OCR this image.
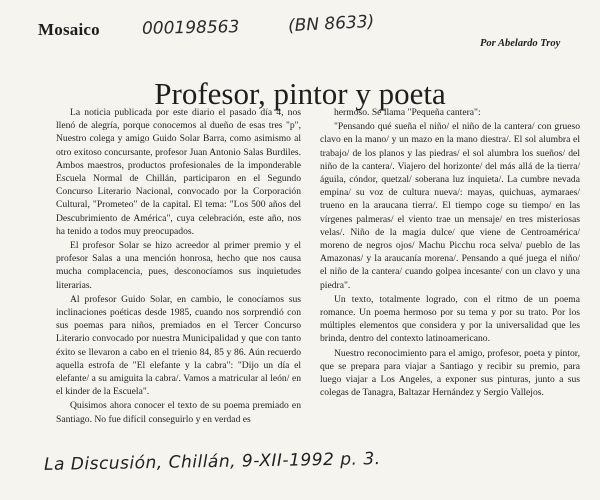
Mosaico 000198563	(BN 8633)
Por Abelardo Troy
Profesor, pintor y poeta

La noticia publicada por este diario el pasado día 4, nos llenó de alegría, porque conocemos al dueño de esas tres "p", Nuestro colega y amigo Guido Solar Barra, como asimismo al otro exitoso concursante, profesor Juan Antonio Salas Burdiles. Ambos maestros, productos profesionales de la imponderable Escuela Normal de Chillán, participaron en el Segundo Concurso Literario Nacional, convocado por la Corporación Cultural, "Prometeo" de la capital. El tema: "Los 500 años del Descubrimiento de América", cuya celebración, este año, nos ha tenido a todos muy preocupados.

El profesor Solar se hizo acreedor al primer premio y el profesor Salas a una mención honrosa, hecho que nos causa mucha complacencia, pues, desconocíamos sus inquietudes literarias.

Al profesor Guido Solar, en cambio, le conocíamos sus inclinaciones poéticas desde 1985, cuando nos sorprendió con sus poemas para niños, premiados en el Tercer Concurso Literario convocado por nuestra Municipalidad y que con tanto éxito se llevaron a cabo en el trienio 84, 85 y 86. Aún recuerdo aquella estrofa de "El elefante y la cabra": "Dijo un día el elefante/ a su amiguita la cabra/. Vamos a matricular al león/ en el kinder de la Escuela".

Quisimos ahora conocer el texto de su poema premiado en Santiago. No fue difícil conseguirlo y en verdad es

hermoso. Se llama "Pequeña cantera":

"Pensando qué sueña el niño/ el niño de la cantera/ con grueso clavo en la mano/ y un mazo en la mano diestra/. El sol alumbra el trabajo/ de los planos y las piedras/ el sol alumbra los sueños/ del niño de la cantera/. Viajero del horizonte/ del más allá de la tierra/ águila, cóndor, quetzal/ soberana luz inquieta/. La cumbre nevada empina/ su voz de cultura nueva/: mayas, quichuas, aymaraes/ trueno en la araucana tierra/. El tiempo coge su tiempo/ en las vírgenes palmeras/ el viento trae un mensaje/ en tres misteriosas velas/. Niño de la magia dulce/ que viene de Centroamérica/ moreno de negros ojos/ Machu Picchu roca selva/ pueblo de las Amazonas/ y la araucanía morena/. Pensando a qué juega el niño/ el niño de la cantera/ cuando golpea incesante/ con un clavo y una piedra".

Un texto, totalmente logrado, con el ritmo de un poema romance. Un poema hermoso por su tema y por su trato. Por los múltiples elementos que considera y por la universalidad que les brinda, dentro del contexto latinoamericano.

Nuestro reconocimiento para el amigo, profesor, poeta y pintor, que se prepara para viajar a Santiago y recibir su premio, para luego viajar a Los Angeles, a exponer sus pinturas, junto a sus colegas de Tanagra, Baltazar Hernández y Sergio Vallejos.

La Discusión, Chillán, 9-XII-1992 p. 3.
